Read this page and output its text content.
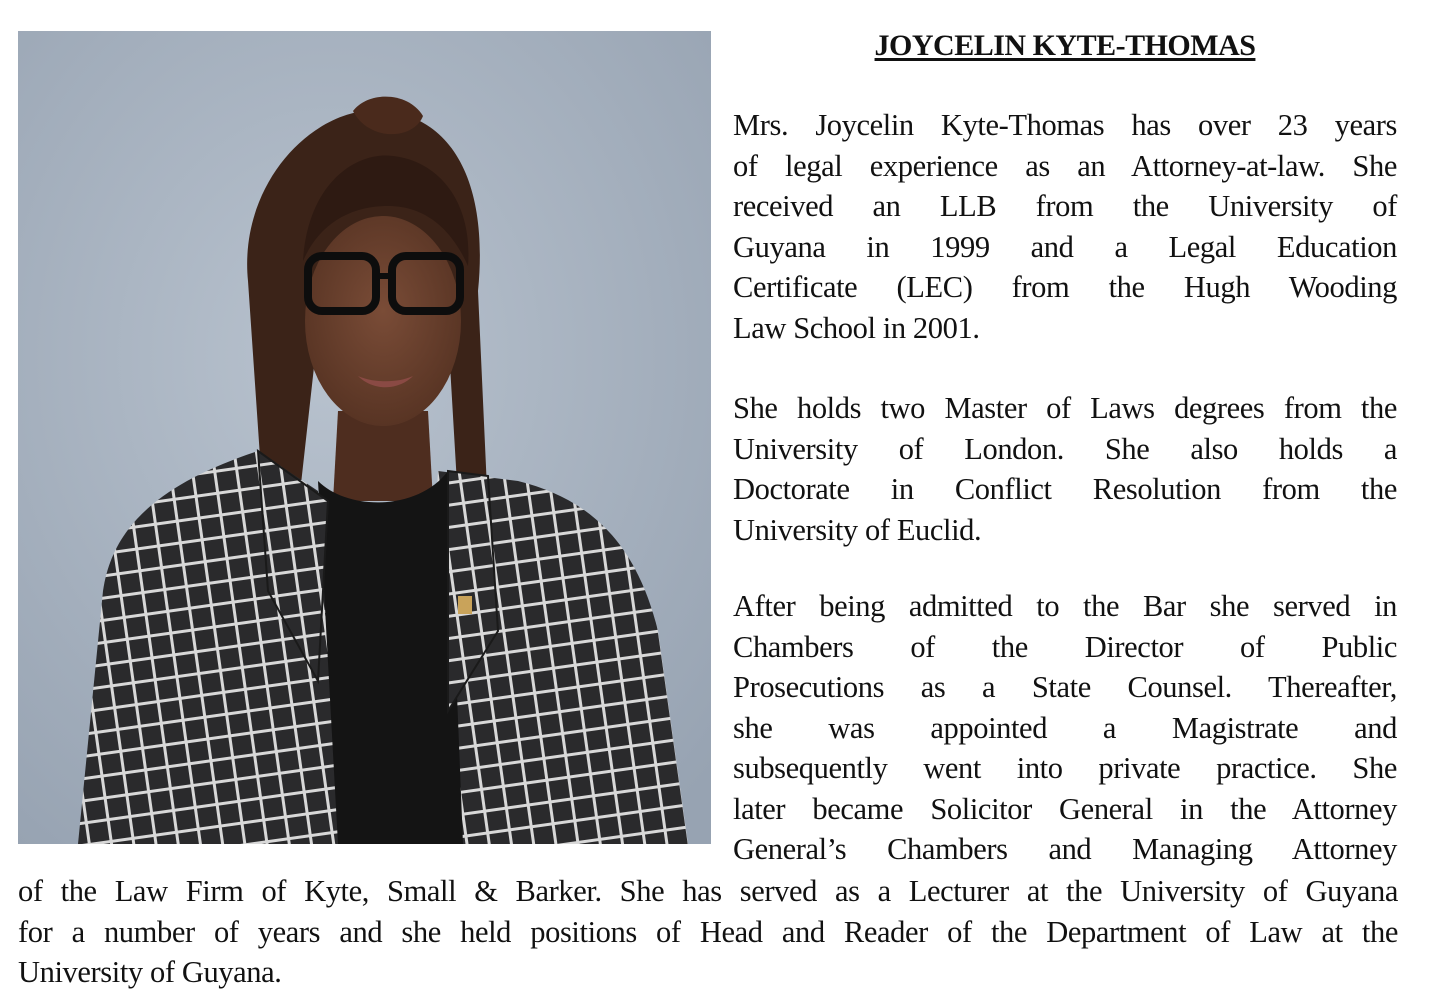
JOYCELIN KYTE-THOMAS
Mrs. Joycelin Kyte-Thomas has over 23 years
of legal experience as an Attorney-at-law. She
received an LLB from the University of
Guyana in 1999 and a Legal Education
Certificate (LEC) from the Hugh Wooding
Law School in 2001.
She holds two Master of Laws degrees from the
University of London. She also holds a
Doctorate in Conflict Resolution from the
University of Euclid.
After being admitted to the Bar she served in
Chambers of the Director of Public
Prosecutions as a State Counsel. Thereafter,
she was appointed a Magistrate and
subsequently went into private practice. She
later became Solicitor General in the Attorney
General’s Chambers and Managing Attorney
of the Law Firm of Kyte, Small & Barker. She has served as a Lecturer at the University of Guyana
for a number of years and she held positions of Head and Reader of the Department of Law at the
University of Guyana.
